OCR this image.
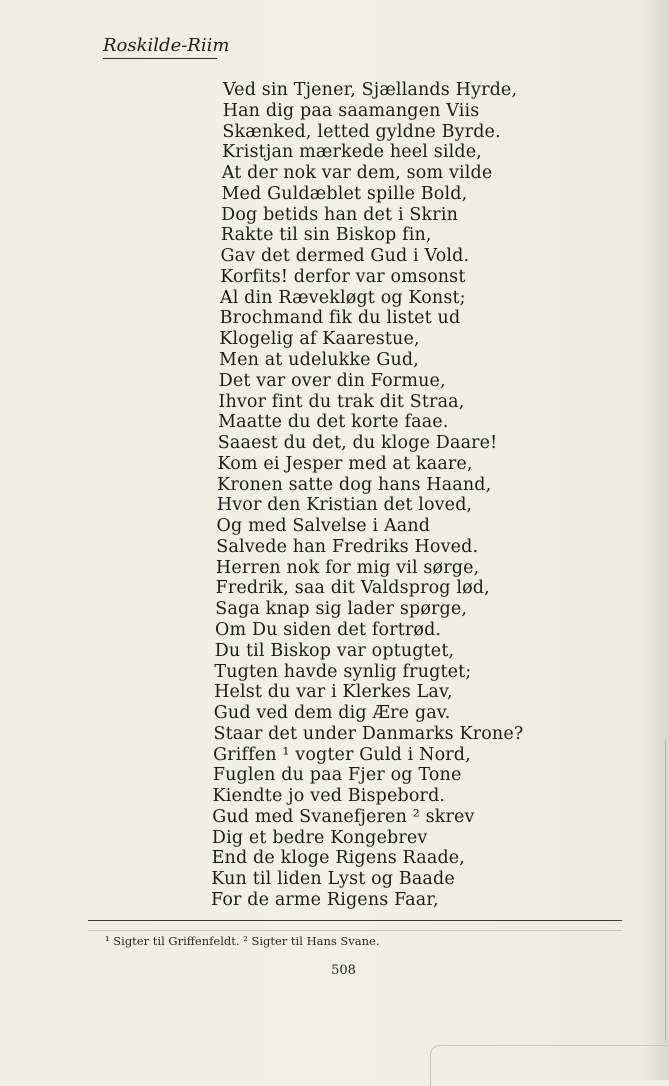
Roskilde-Riim
Ved sin Tjener, Sjællands Hyrde,
Han dig paa saamangen Viis
Skænked, letted gyldne Byrde.
Kristjan mærkede heel silde,
At der nok var dem, som vilde
Med Guldæblet spille Bold,
Dog betids han det i Skrin
Rakte til sin Biskop fin,
Gav det dermed Gud i Vold.
Korfits! derfor var omsonst
Al din Rævekløgt og Konst;
Brochmand fik du listet ud
Klogelig af Kaarestue,
Men at udelukke Gud,
Det var over din Formue,
Ihvor fint du trak dit Straa,
Maatte du det korte faae.
Saaest du det, du kloge Daare!
Kom ei Jesper med at kaare,
Kronen satte dog hans Haand,
Hvor den Kristian det loved,
Og med Salvelse i Aand
Salvede han Fredriks Hoved.
Herren nok for mig vil sørge,
Fredrik, saa dit Valdsprog lød,
Saga knap sig lader spørge,
Om Du siden det fortrød.
Du til Biskop var optugtet,
Tugten havde synlig frugtet;
Helst du var i Klerkes Lav,
Gud ved dem dig Ære gav.
Staar det under Danmarks Krone?
Griffen ¹ vogter Guld i Nord,
Fuglen du paa Fjer og Tone
Kiendte jo ved Bispebord.
Gud med Svanefjeren ² skrev
Dig et bedre Kongebrev
End de kloge Rigens Raade,
Kun til liden Lyst og Baade
For de arme Rigens Faar,
¹ Sigter til Griffenfeldt. ² Sigter til Hans Svane.
508
